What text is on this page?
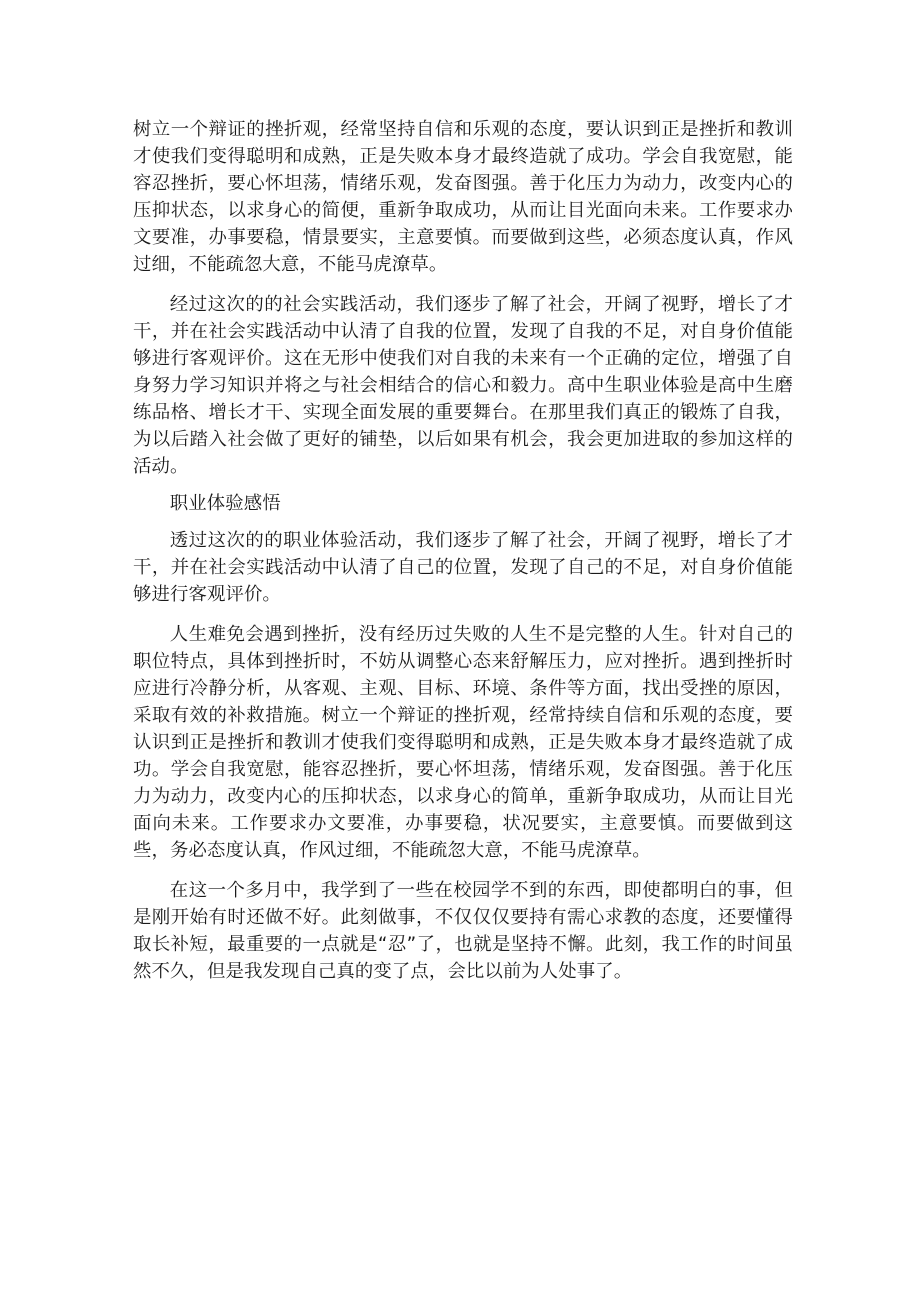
树立一个辩证的挫折观，经常坚持自信和乐观的态度，要认识到正是挫折和教训才使我们变得聪明和成熟，正是失败本身才最终造就了成功。学会自我宽慰，能容忍挫折，要心怀坦荡，情绪乐观，发奋图强。善于化压力为动力，改变内心的压抑状态，以求身心的简便，重新争取成功，从而让目光面向未来。工作要求办文要准，办事要稳，情景要实，主意要慎。而要做到这些，必须态度认真，作风过细，不能疏忽大意，不能马虎潦草。

经过这次的的社会实践活动，我们逐步了解了社会，开阔了视野，增长了才干，并在社会实践活动中认清了自我的位置，发现了自我的不足，对自身价值能够进行客观评价。这在无形中使我们对自我的未来有一个正确的定位，增强了自身努力学习知识并将之与社会相结合的信心和毅力。高中生职业体验是高中生磨练品格、增长才干、实现全面发展的重要舞台。在那里我们真正的锻炼了自我，为以后踏入社会做了更好的铺垫，以后如果有机会，我会更加进取的参加这样的活动。

职业体验感悟

透过这次的的职业体验活动，我们逐步了解了社会，开阔了视野，增长了才干，并在社会实践活动中认清了自己的位置，发现了自己的不足，对自身价值能够进行客观评价。

人生难免会遇到挫折，没有经历过失败的人生不是完整的人生。针对自己的职位特点，具体到挫折时，不妨从调整心态来舒解压力，应对挫折。遇到挫折时应进行冷静分析，从客观、主观、目标、环境、条件等方面，找出受挫的原因，采取有效的补救措施。树立一个辩证的挫折观，经常持续自信和乐观的态度，要认识到正是挫折和教训才使我们变得聪明和成熟，正是失败本身才最终造就了成功。学会自我宽慰，能容忍挫折，要心怀坦荡，情绪乐观，发奋图强。善于化压力为动力，改变内心的压抑状态，以求身心的简单，重新争取成功，从而让目光面向未来。工作要求办文要准，办事要稳，状况要实，主意要慎。而要做到这些，务必态度认真，作风过细，不能疏忽大意，不能马虎潦草。

在这一个多月中，我学到了一些在校园学不到的东西，即使都明白的事，但是刚开始有时还做不好。此刻做事，不仅仅仅要持有需心求教的态度，还要懂得取长补短，最重要的一点就是“忍”了，也就是坚持不懈。此刻，我工作的时间虽然不久，但是我发现自己真的变了点，会比以前为人处事了。
